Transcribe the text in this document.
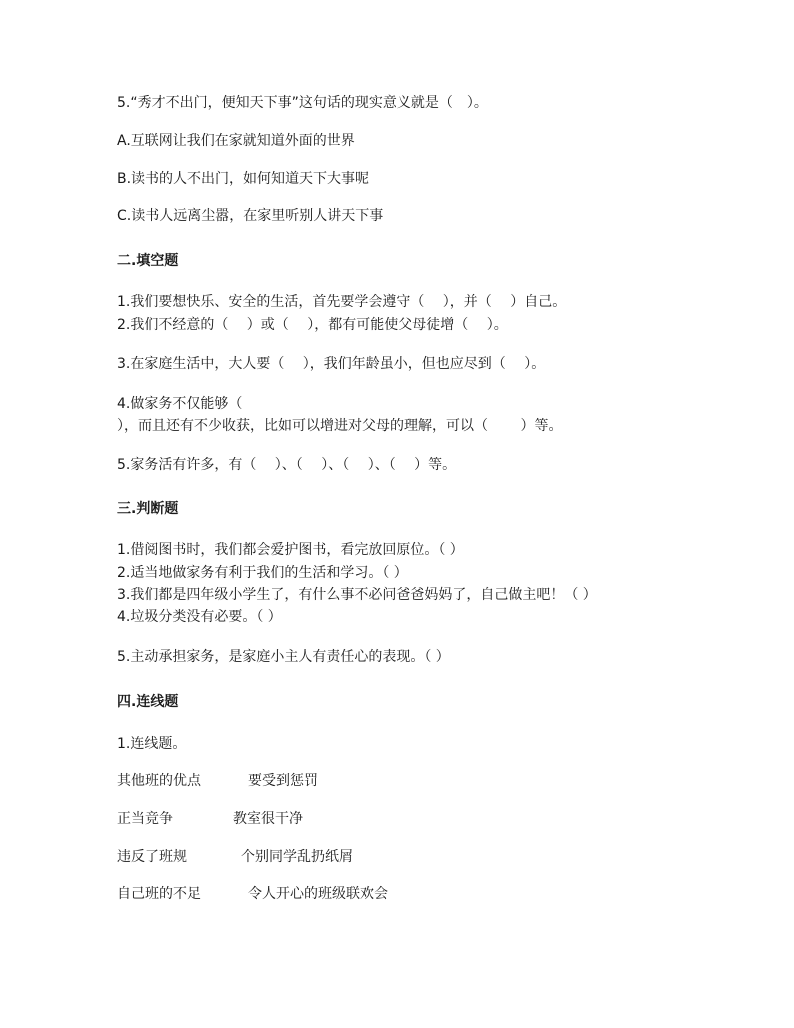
5.“秀才不出门，便知天下事”这句话的现实意义就是（　）。

A.互联网让我们在家就知道外面的世界

B.读书的人不出门，如何知道天下大事呢

C.读书人远离尘嚣，在家里听别人讲天下事

二.填空题

1.我们要想快乐、安全的生活，首先要学会遵守（　 ），并（　 ）自己。

2.我们不经意的（　 ）或（　 ），都有可能使父母徒增（　 ）。

3.在家庭生活中，大人要（　 ），我们年龄虽小，但也应尽到（　 ）。

4.做家务不仅能够（

），而且还有不少收获，比如可以增进对父母的理解，可以（　　 ）等。

5.家务活有许多，有（　 ）、（　 ）、（　 ）、（　 ）等。

三.判断题

1.借阅图书时，我们都会爱护图书，看完放回原位。（ ）

2.适当地做家务有利于我们的生活和学习。（ ）

3.我们都是四年级小学生了，有什么事不必问爸爸妈妈了，自己做主吧！（ ）

4.垃圾分类没有必要。（ ）

5.主动承担家务，是家庭小主人有责任心的表现。（ ）

四.连线题

1.连线题。

其他班的优点	要受到惩罚
正当竞争	教室很干净
违反了班规	个别同学乱扔纸屑
自己班的不足	令人开心的班级联欢会
